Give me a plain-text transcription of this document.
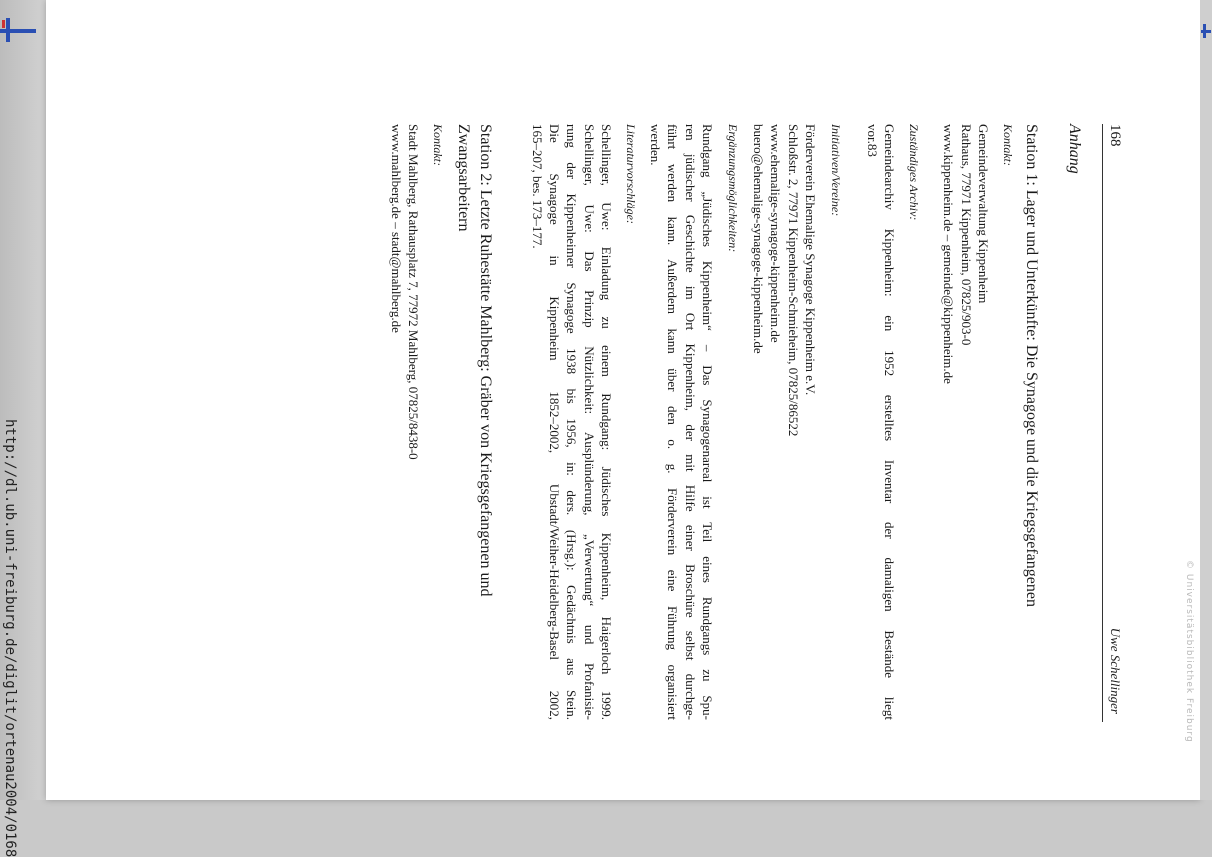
http://dl.ub.uni-freiburg.de/diglit/ortenau2004/0168	© Universitätsbibliothek Freiburg
168
Uwe Schellinger
Anhang
Station 1: Lager und Unterkünfte: Die Synagoge und die Kriegsgefangenen
Kontakt:
Gemeindeverwaltung Kippenheim
Rathaus, 77971 Kippenheim, 07825/903-0
www.kippenheim.de – gemeinde@kippenheim.de
Zuständiges Archiv:
Gemeindearchiv Kippenheim: ein 1952 erstelltes Inventar der damaligen Bestände liegt
vor.83
Initiativen/Vereine:
Förderverein Ehemalige Synagoge Kippenheim e.V.
Schloßstr. 2, 77971 Kippenheim-Schmieheim, 07825/86522
www.ehemalige-synagoge-kippenheim.de
buero@ehemalige-synagoge-kippenheim.de
Ergänzungsmöglichkeiten:
Rundgang „Jüdisches Kippenheim“ – Das Synagogenareal ist Teil eines Rundgangs zu Spu-
ren jüdischer Geschichte im Ort Kippenheim, der mit Hilfe einer Broschüre selbst durchge-
führt werden kann. Außerdem kann über den o. g. Förderverein eine Führung organisiert
werden.
Literaturvorschläge:
Schellinger, Uwe: Einladung zu einem Rundgang: Jüdisches Kippenheim, Haigerloch 1999.
Schellinger, Uwe: Das Prinzip Nützlichkeit: Ausplünderung, „Verwertung“ und Profanisie-
rung der Kippenheimer Synagoge 1938 bis 1956, in: ders. (Hrsg.): Gedächtnis aus Stein.
Die Synagoge in Kippenheim 1852–2002, Ubstadt/Weiher-Heidelberg-Basel 2002,
165–207, bes. 173–177.
Station 2: Letzte Ruhestätte Mahlberg: Gräber von Kriegsgefangenen und
Zwangsarbeitern
Kontakt:
Stadt Mahlberg, Rathausplatz 7, 77972 Mahlberg, 07825/8438-0
www.mahlberg.de – stadt@mahlberg.de
